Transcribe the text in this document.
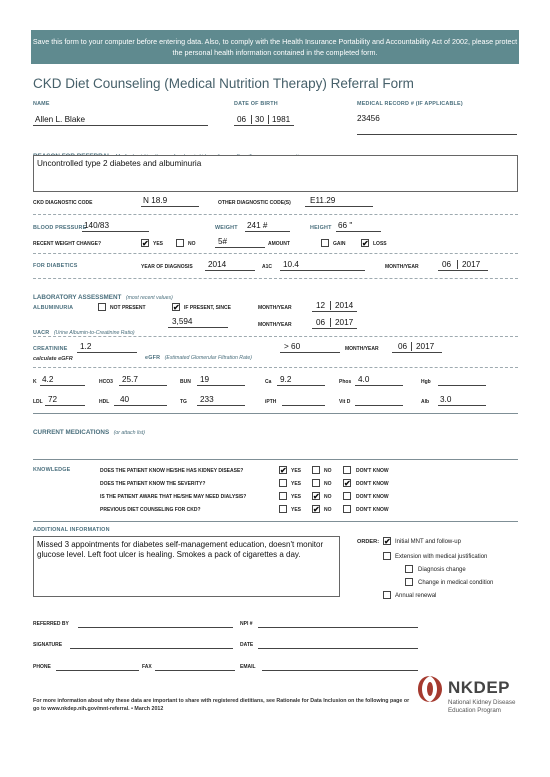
Save this form to your computer before entering data. Also, to comply with the Health Insurance Portability and Accountability Act of 2002, please protect the personal health information contained in the completed form.
CKD Diet Counseling (Medical Nutrition Therapy) Referral Form
NAME	DATE OF BIRTH	MEDICAL RECORD # (IF APPLICABLE)
Allen L. Blake	06 30 1981	23456
Uncontrolled type 2 diabetes and albuminuria
CKD DIAGNOSTIC CODE	N 18.9	OTHER DIAGNOSTIC CODE(S) E11.29
BLOOD PRESSURE
140/83	WEIGHT 241 #	HEIGHT 66 "
RECENT WEIGHT CHANGE?	✔ YES	NO	5#	AMOUNT	GAIN ✔ LOSS
FOR DIABETICS	YEAR OF DIAGNOSIS 2014	A1C 10.4	MONTH/YEAR	06 2017
LABORATORY ASSESSMENT (most recent values)
ALBUMINURIA	NOT PRESENT	✔ IF PRESENT, SINCE	MONTH/YEAR	12 2014
UACR (Urine Albumin-to-Creatinine Ratio)
3,594	MONTH/YEAR	06 2017
CREATININE 1.2
eGFR (Estimated Glomerular Filtration Rate)
> 60	MONTH/YEAR 06 2017
calculate eGFR
K 4.2	HCO3 25.7	BUN 19	Ca 9.2	Phos 4.0	Hgb
LDL 72	HDL 40	TG 233	iPTH	Vit D	Alb 3.0
CURRENT MEDICATIONS (or attach list)
KNOWLEDGE	DOES THE PATIENT KNOW HE/SHE HAS KIDNEY DISEASE?	✔ YES	NO	DON'T KNOW
DOES THE PATIENT KNOW THE SEVERITY?	YES	NO ✔ DON'T KNOW
IS THE PATIENT AWARE THAT HE/SHE MAY NEED DIALYSIS?	YES ✔ NO	DON'T KNOW
PREVIOUS DIET COUNSELING FOR CKD?	YES ✔ NO	DON'T KNOW
ADDITIONAL INFORMATION
Missed 3 appointments for diabetes self-management education, doesn't monitor glucose level. Left foot ulcer is healing. Smokes a pack of cigarettes a day.
ORDER: ✔ Initial MNT and follow-up
Extension with medical justification
Diagnosis change
Change in medical condition
Annual renewal
REFERRED BY	NPI #
SIGNATURE	DATE
PHONE	FAX	EMAIL
For more information about why these data are important to share with registered dietitians, see Rationale for Data Inclusion on the following page or go to www.nkdep.nih.gov/mnt-referral. • March 2012
NKDEP
National Kidney Disease
Education Program
